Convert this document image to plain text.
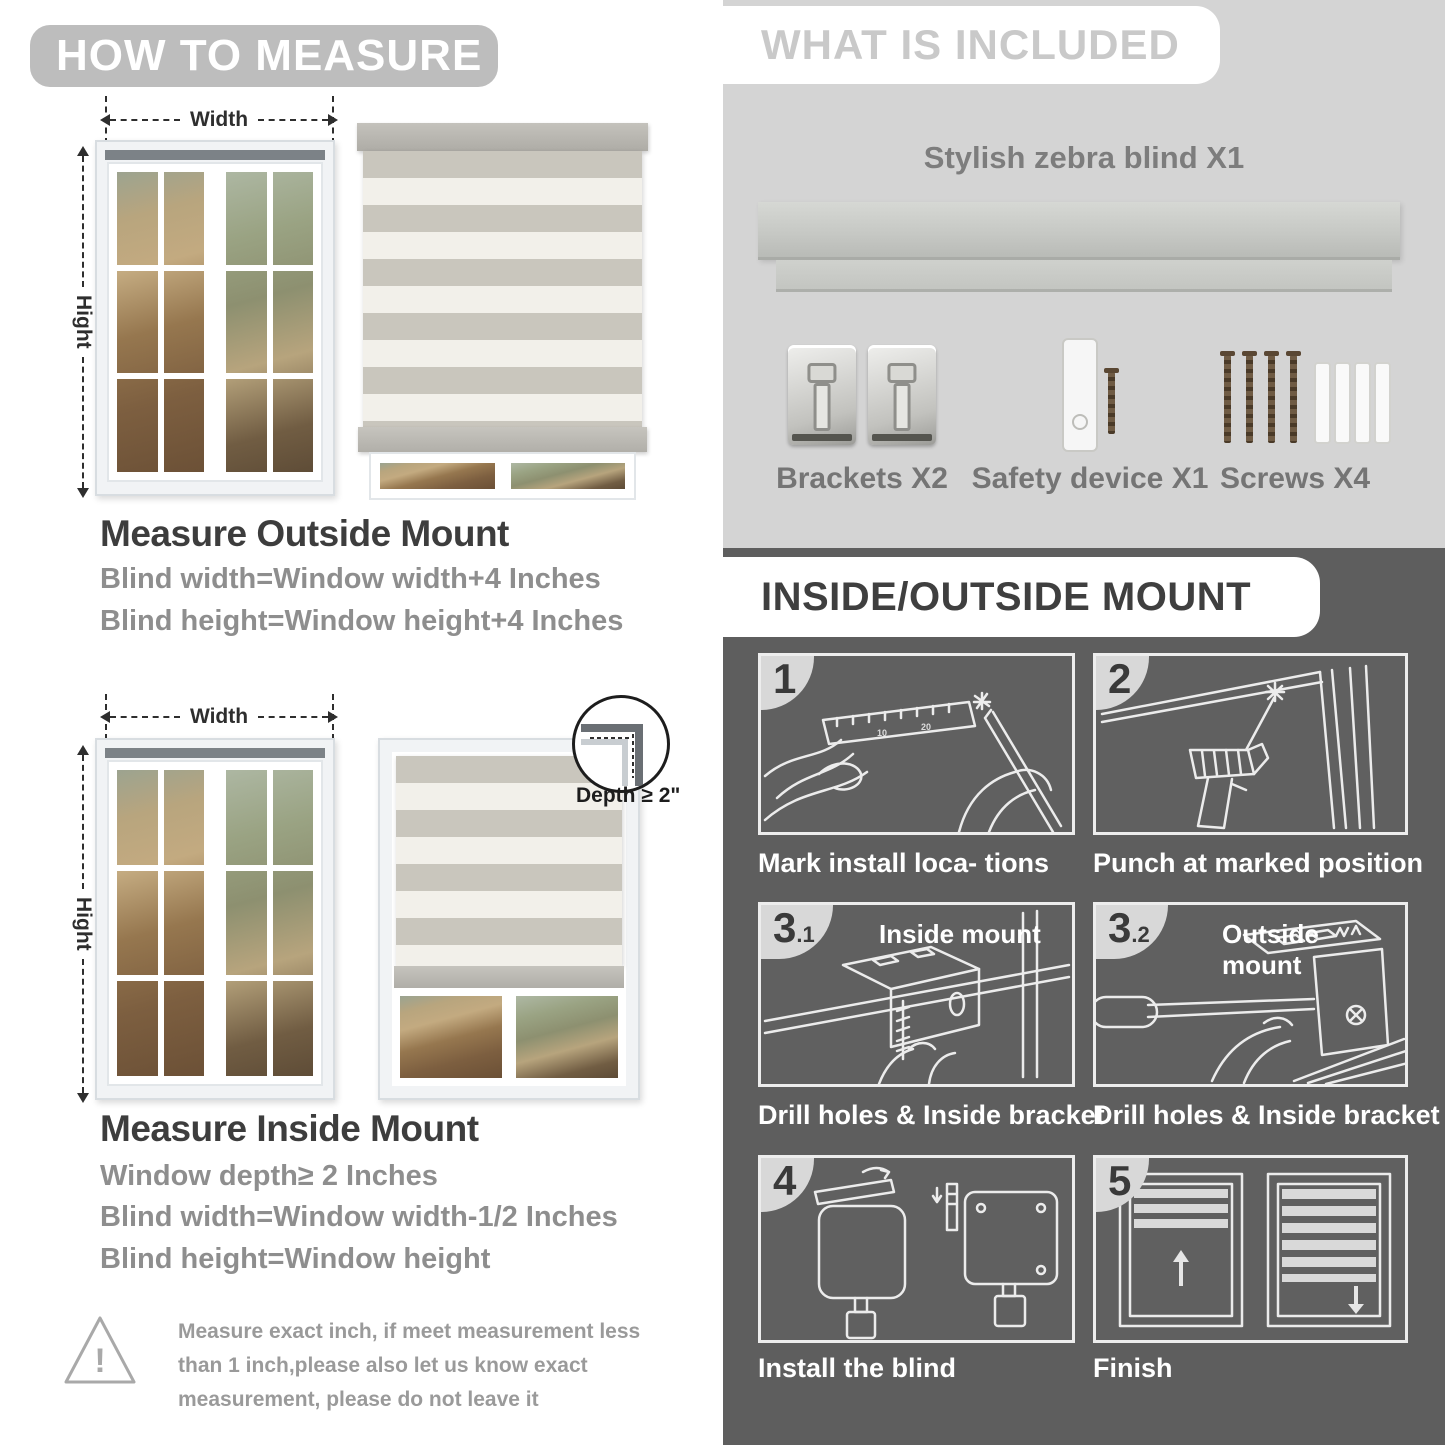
HOW TO MEASURE
Width
Hight
Measure Outside Mount
Blind width=Window width+4 Inches
Blind height=Window height+4 Inches
Width
Hight
Depth ≥ 2"
Measure Inside Mount
Window depth≥ 2 Inches
Blind width=Window width-1/2 Inches
Blind height=Window height
!
Measure exact inch, if meet measurement less
than 1 inch,please also let us know exact
measurement, please do not leave it
WHAT IS INCLUDED
Stylish zebra blind X1
Brackets X2 Safety device X1 Screws X4
INSIDE/OUTSIDE MOUNT
10
20
1
Mark install loca- tions
2
Punch at marked position
3.1	Inside mount
Drill holes & Inside bracket
3.2	Outside mount
Drill holes & Inside bracket
4
Install the blind
5
Finish
